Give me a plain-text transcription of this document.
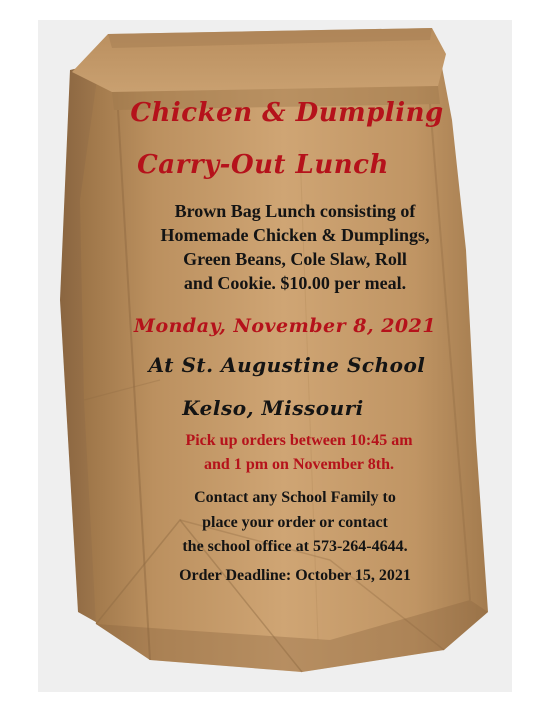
Chicken & Dumpling
Carry-Out Lunch
Brown Bag Lunch consisting of
Homemade Chicken & Dumplings,
Green Beans, Cole Slaw, Roll
and Cookie. $10.00 per meal.
Monday, November 8, 2021
At St. Augustine School
Kelso, Missouri
Pick up orders between 10:45 am
and 1 pm on November 8th.
Contact any School Family to
place your order or contact
the school office at 573-264-4644.
Order Deadline: October 15, 2021
